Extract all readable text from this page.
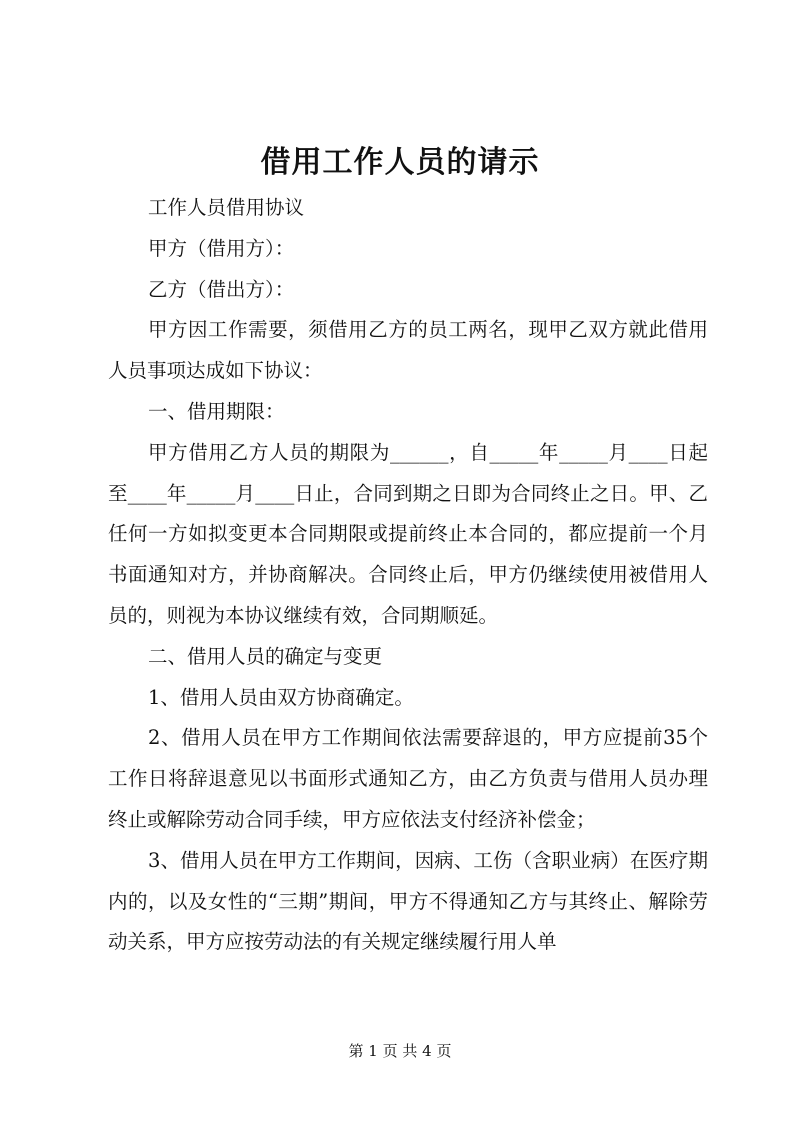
借用工作人员的请示

工作人员借用协议

甲方（借用方）：

乙方（借出方）：

甲方因工作需要，须借用乙方的员工两名，现甲乙双方就此借用人员事项达成如下协议：

一、借用期限：

甲方借用乙方人员的期限为______，自_____年_____月____日起至____年_____月____日止，合同到期之日即为合同终止之日。甲、乙任何一方如拟变更本合同期限或提前终止本合同的，都应提前一个月书面通知对方，并协商解决。合同终止后，甲方仍继续使用被借用人员的，则视为本协议继续有效，合同期顺延。

二、借用人员的确定与变更

1、借用人员由双方协商确定。

2、借用人员在甲方工作期间依法需要辞退的，甲方应提前35个工作日将辞退意见以书面形式通知乙方，由乙方负责与借用人员办理终止或解除劳动合同手续，甲方应依法支付经济补偿金；

3、借用人员在甲方工作期间，因病、工伤（含职业病）在医疗期内的，以及女性的“三期”期间，甲方不得通知乙方与其终止、解除劳动关系，甲方应按劳动法的有关规定继续履行用人单

第 1 页 共 4 页
